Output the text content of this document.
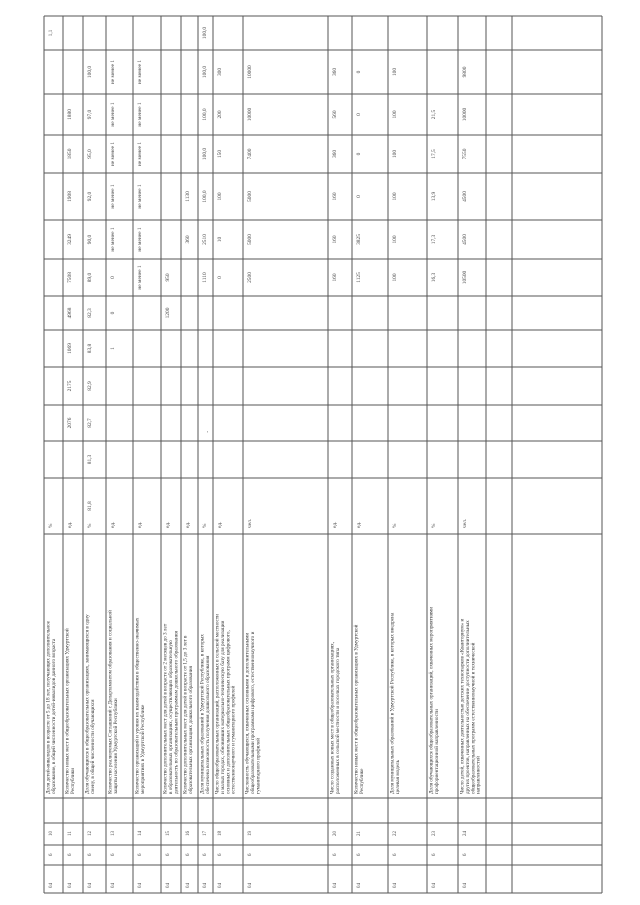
04
6
10
Доля детей-инвалидов в возрасте от 5 до 18 лет, получающих дополнительное образование, в общей численности детей-инвалидов данного возраста
%
1,1
04
6
11
Количество новых мест в общеобразовательных организациях Удмуртской Республики
ед.
2076
2175
1069
4968
7508
3249
1908
1850
1880
04
6
12
Доля обучающихся в общеобразовательных организациях, занимающихся в одну смену, в общей численности обучающихся
%
81,8
81,3
82,7
82,9
83,8
82,3
89,0
90,0
92,0
95,0
97,0
100,0
04
6
13
Количество реализуемых Соглашений с Департаментом образования и социальной защиты населения Удмуртской Республики
ед.
1
0
0
не менее 1
не менее 1
не менее 1
не менее 1
не менее 1
04
6
14
Количество организаций и уровня их взаимодействия в общественно-значимых мероприятиях в Удмуртской Республике
ед.
не менее 1
не менее 1
не менее 1
не менее 1
не менее 1
не менее 1
04
6
15
Количество дополнительных мест для детей в возрасте от 2 месяцев до 3 лет в образовательных организациях, осуществляющих образовательную деятельность по образовательным программам дошкольного образования
ед.
1200
950
04
6
16
Количество дополнительных мест для детей в возрасте от 1,5 до 3 лет в образовательных организациях дошкольного образования
ед.
360
1130
04
6
17
Доля муниципальных образований в Удмуртской Республике, в которых обеспечена возможность получения дошкольного образования
%
1110
2510
100,0
100,0
100,0
100,0
100,0
04
6
18
Число общеобразовательных организаций, расположенных в сельской местности и малых городах, обновивших материально-техническую базу для реализации основных и дополнительных общеобразовательных программ цифрового, естественнонаучного и гуманитарного профилей
ед.
0
10
100
150
200
300
04
6
19
Численность обучающихся, охваченных основными и дополнительными общеобразовательными программами цифрового, естественнонаучного и гуманитарного профилей
чел.
2500
5000
5000
7400
10000
10000
04
6
20
Число созданных новых мест в общеобразовательных организациях, расположенных в сельской местности и поселках городского типа
ед.
160
160
160
360
560
360
04
6
21
Количество новых мест в общеобразовательных организациях в Удмуртской Республике
ед.
1125
3825
0
0
0
0
04
6
22
Доля муниципальных образований в Удмуртской Республике, в которых внедрена целевая модель
%
100
100
100
100
100
100
04
6
23
Доля обучающихся общеобразовательных организаций, охваченных мероприятиями профориентационной направленности
%
16,3
17,3
13,9
17,5
21,5
04
6
24
Число детей, охваченных деятельностью детских технопарков «Кванториум» и других проектов, направленных на обеспечение доступности дополнительных общеобразовательных программ естественнонаучной и технической направленностей
чел.
10500
4500
4500
7550
10000
9800
'
